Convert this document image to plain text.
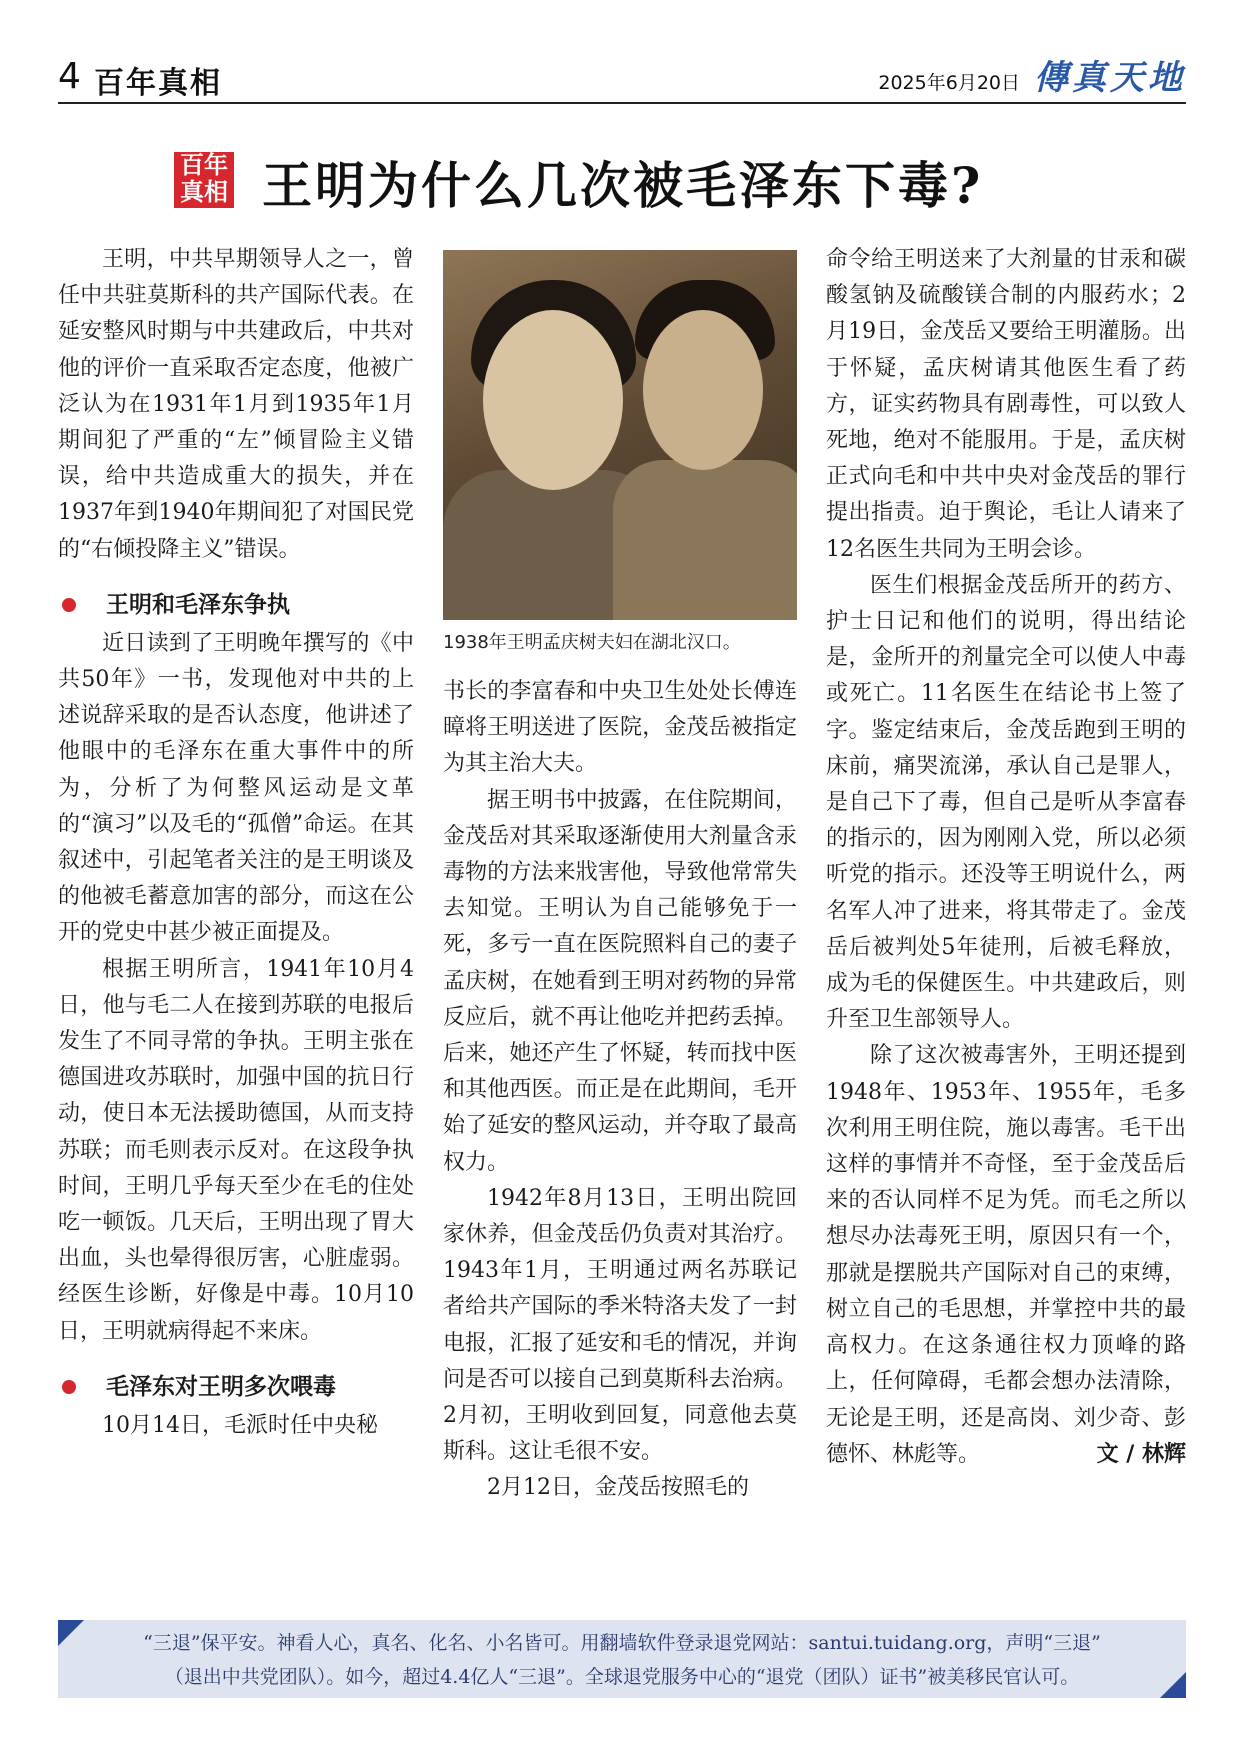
4 百年真相	2025年6月20日 傳真天地
百年
真相 王明为什么几次被毛泽东下毒?

王明，中共早期领导人之一，曾任中共驻莫斯科的共产国际代表。在延安整风时期与中共建政后，中共对他的评价一直采取否定态度，他被广泛认为在1931年1月到1935年1月期间犯了严重的“左”倾冒险主义错误，给中共造成重大的损失，并在1937年到1940年期间犯了对国民党的“右倾投降主义”错误。

王明和毛泽东争执

近日读到了王明晚年撰写的《中共50年》一书，发现他对中共的上述说辞采取的是否认态度，他讲述了他眼中的毛泽东在重大事件中的所为，分析了为何整风运动是文革的“演习”以及毛的“孤僧”命运。在其叙述中，引起笔者关注的是王明谈及的他被毛蓄意加害的部分，而这在公开的党史中甚少被正面提及。

根据王明所言，1941年10月4日，他与毛二人在接到苏联的电报后发生了不同寻常的争执。王明主张在德国进攻苏联时，加强中国的抗日行动，使日本无法援助德国，从而支持苏联；而毛则表示反对。在这段争执时间，王明几乎每天至少在毛的住处吃一顿饭。几天后，王明出现了胃大出血，头也晕得很厉害，心脏虚弱。经医生诊断，好像是中毒。10月10日，王明就病得起不来床。

毛泽东对王明多次喂毒

10月14日，毛派时任中央秘

1938年王明孟庆树夫妇在湖北汉口。

书长的李富春和中央卫生处处长傅连暲将王明送进了医院，金茂岳被指定为其主治大夫。

据王明书中披露，在住院期间，金茂岳对其采取逐渐使用大剂量含汞毒物的方法来戕害他，导致他常常失去知觉。王明认为自己能够免于一死，多亏一直在医院照料自己的妻子孟庆树，在她看到王明对药物的异常反应后，就不再让他吃并把药丢掉。后来，她还产生了怀疑，转而找中医和其他西医。而正是在此期间，毛开始了延安的整风运动，并夺取了最高权力。

1942年8月13日，王明出院回家休养，但金茂岳仍负责对其治疗。1943年1月，王明通过两名苏联记者给共产国际的季米特洛夫发了一封电报，汇报了延安和毛的情况，并询问是否可以接自己到莫斯科去治病。2月初，王明收到回复，同意他去莫斯科。这让毛很不安。

2月12日，金茂岳按照毛的

命令给王明送来了大剂量的甘汞和碳酸氢钠及硫酸镁合制的内服药水；2月19日，金茂岳又要给王明灌肠。出于怀疑，孟庆树请其他医生看了药方，证实药物具有剧毒性，可以致人死地，绝对不能服用。于是，孟庆树正式向毛和中共中央对金茂岳的罪行提出指责。迫于舆论，毛让人请来了12名医生共同为王明会诊。

医生们根据金茂岳所开的药方、护士日记和他们的说明，得出结论是，金所开的剂量完全可以使人中毒或死亡。11名医生在结论书上签了字。鉴定结束后，金茂岳跑到王明的床前，痛哭流涕，承认自己是罪人，是自己下了毒，但自己是听从李富春的指示的，因为刚刚入党，所以必须听党的指示。还没等王明说什么，两名军人冲了进来，将其带走了。金茂岳后被判处5年徒刑，后被毛释放，成为毛的保健医生。中共建政后，则升至卫生部领导人。

除了这次被毒害外，王明还提到1948年、1953年、1955年，毛多次利用王明住院，施以毒害。毛干出这样的事情并不奇怪，至于金茂岳后来的否认同样不足为凭。而毛之所以想尽办法毒死王明，原因只有一个，那就是摆脱共产国际对自己的束缚，树立自己的毛思想，并掌控中共的最高权力。在这条通往权力顶峰的路上，任何障碍，毛都会想办法清除，无论是王明，还是高岗、刘少奇、彭德怀、林彪等。	文 / 林辉

“三退”保平安。神看人心，真名、化名、小名皆可。用翻墙软件登录退党网站：santui.tuidang.org，声明“三退”
（退出中共党团队）。如今，超过4.4亿人“三退”。全球退党服务中心的“退党（团队）证书”被美移民官认可。
